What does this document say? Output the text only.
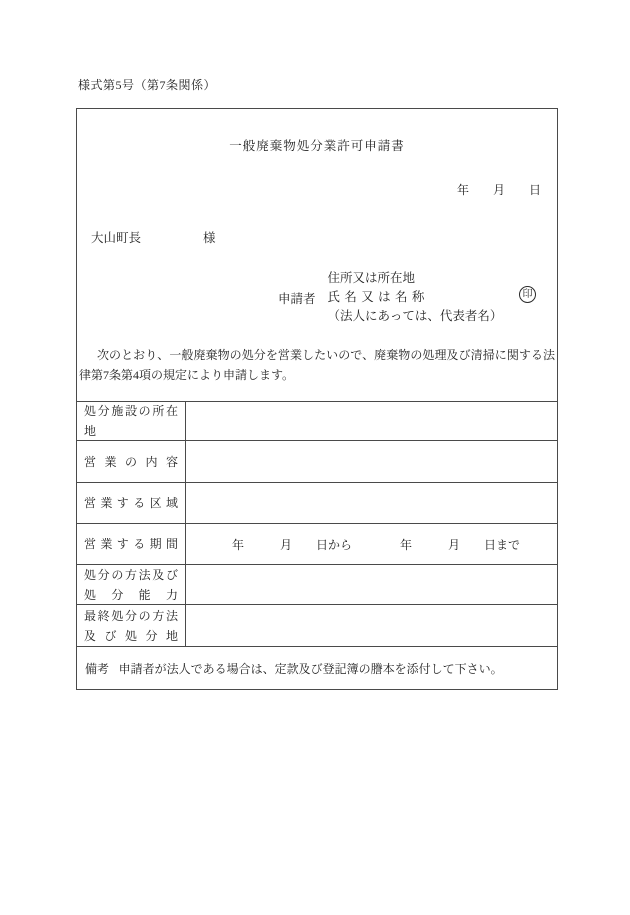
様式第5号（第7条関係）
一般廃棄物処分業許可申請書
年　　月　　日
大山町長	様
申請者
住所又は所在地
氏名又は名称
（法人にあっては、代表者名）
印
次のとおり、一般廃棄物の処分を営業したいので、廃棄物の処理及び清掃に関する法律第7条第4項の規定により申請します。
処分施設の所在地
営業の内容
営業する区域
営業する期間	年　　　月　　日から　　　　年　　　月　　日まで
処分の方法及び
処分能力
最終処分の方法
及び処分地
備考 申請者が法人である場合は、定款及び登記簿の謄本を添付して下さい。
